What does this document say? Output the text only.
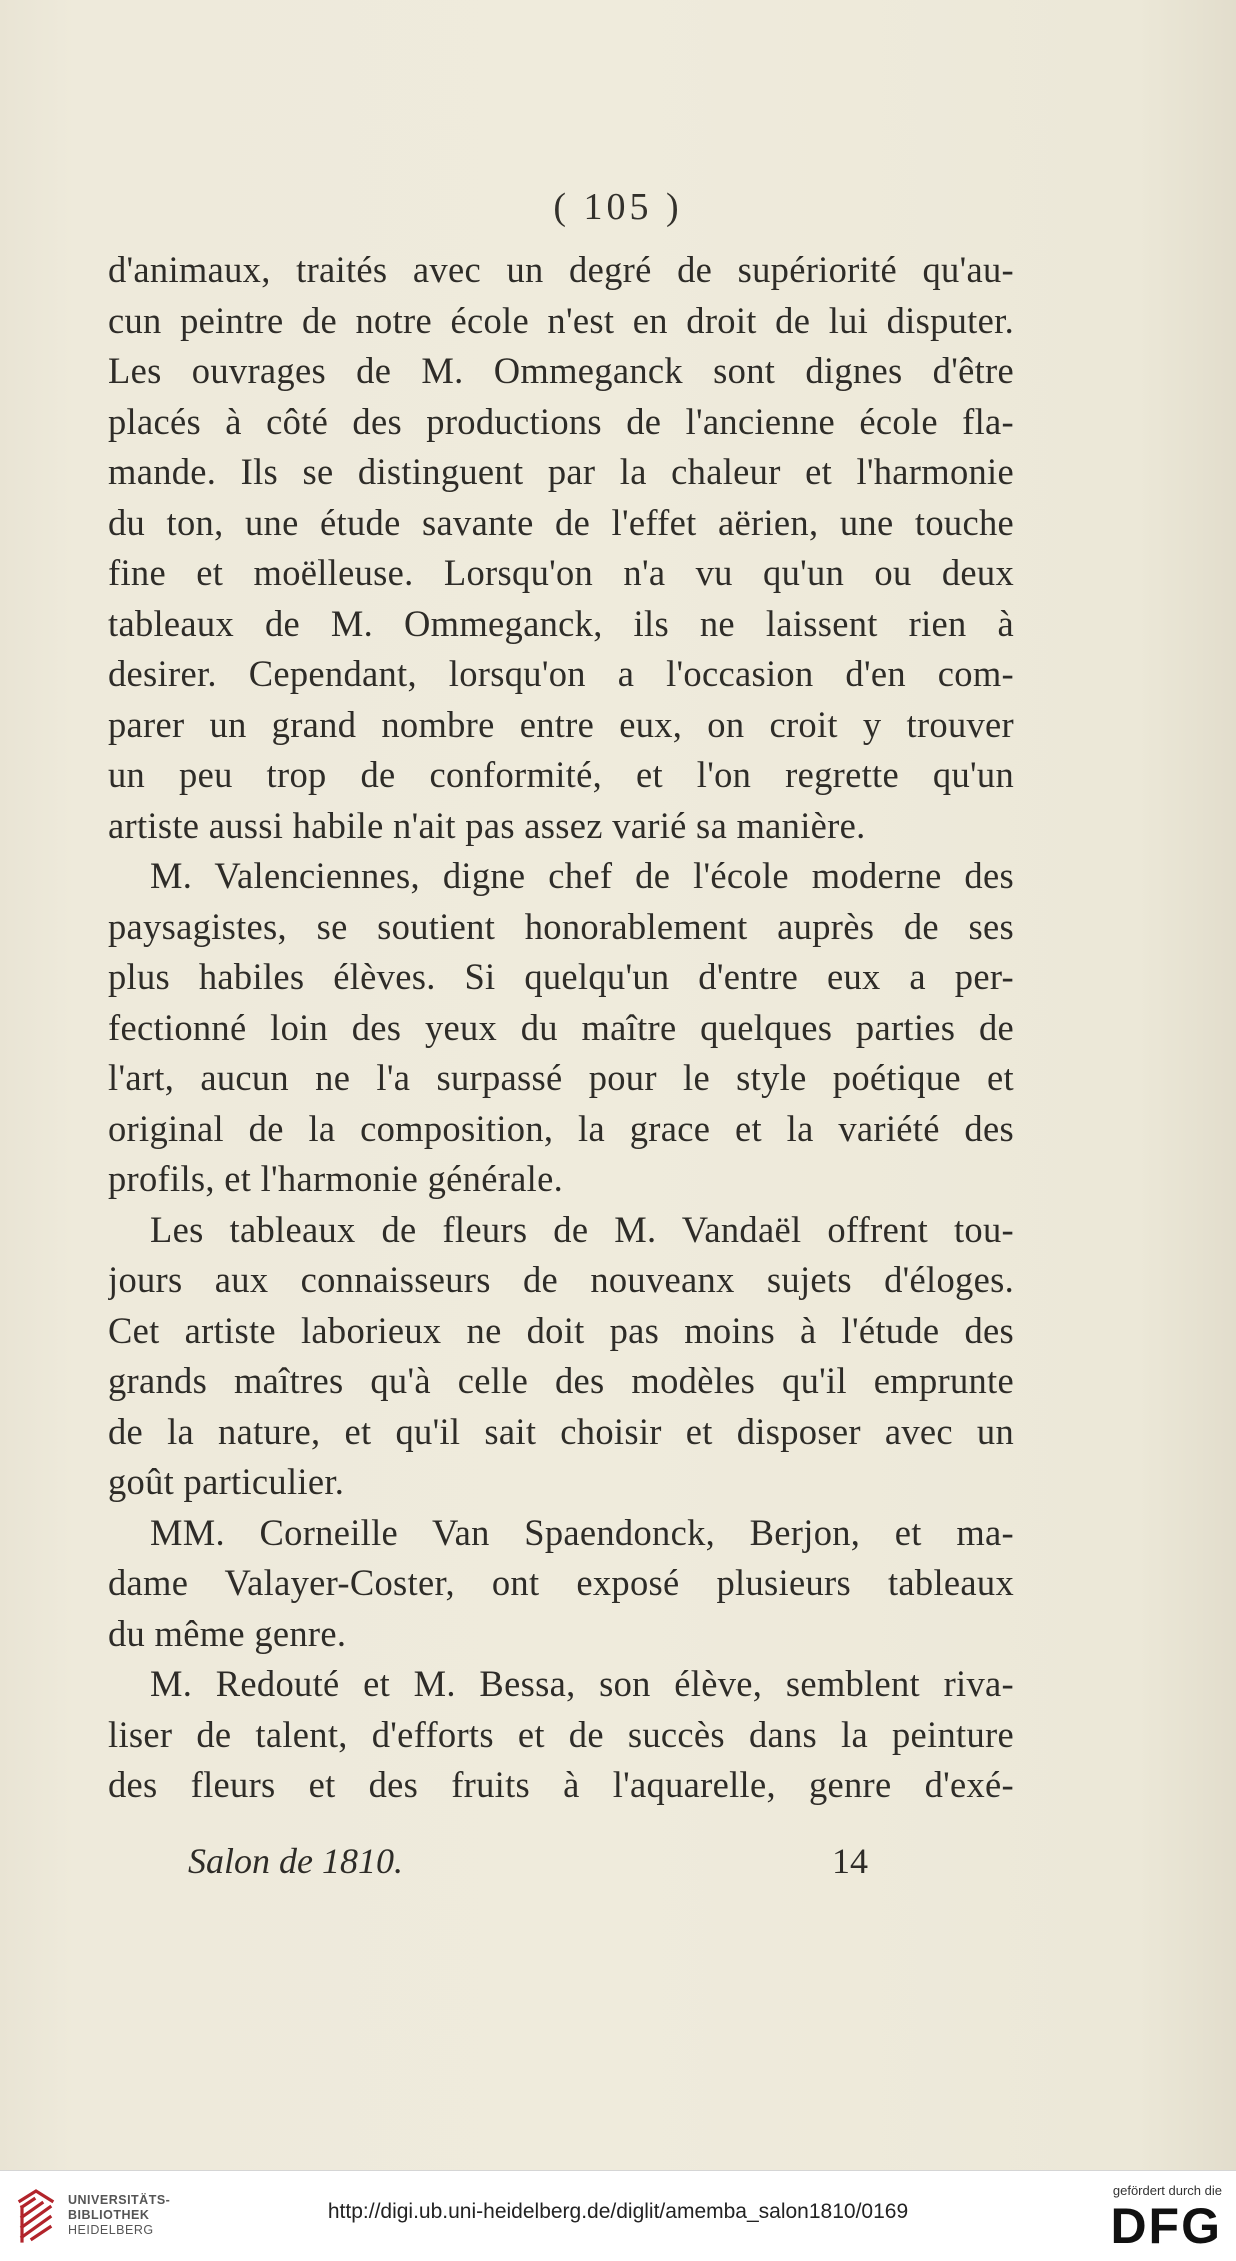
( 105 )
d'animaux, traités avec un degré de supériorité qu'au-
cun peintre de notre école n'est en droit de lui disputer.
Les ouvrages de M. Ommeganck sont dignes d'être
placés à côté des productions de l'ancienne école fla-
mande. Ils se distinguent par la chaleur et l'harmonie
du ton, une étude savante de l'effet aërien, une touche
fine et moëlleuse. Lorsqu'on n'a vu qu'un ou deux
tableaux de M. Ommeganck, ils ne laissent rien à
desirer. Cependant, lorsqu'on a l'occasion d'en com-
parer un grand nombre entre eux, on croit y trouver
un peu trop de conformité, et l'on regrette qu'un
artiste aussi habile n'ait pas assez varié sa manière.
M. Valenciennes, digne chef de l'école moderne des
paysagistes, se soutient honorablement auprès de ses
plus habiles élèves. Si quelqu'un d'entre eux a per-
fectionné loin des yeux du maître quelques parties de
l'art, aucun ne l'a surpassé pour le style poétique et
original de la composition, la grace et la variété des
profils, et l'harmonie générale.
Les tableaux de fleurs de M. Vandaël offrent tou-
jours aux connaisseurs de nouveanx sujets d'éloges.
Cet artiste laborieux ne doit pas moins à l'étude des
grands maîtres qu'à celle des modèles qu'il emprunte
de la nature, et qu'il sait choisir et disposer avec un
goût particulier.
MM. Corneille Van Spaendonck, Berjon, et ma-
dame Valayer-Coster, ont exposé plusieurs tableaux
du même genre.
M. Redouté et M. Bessa, son élève, semblent riva-
liser de talent, d'efforts et de succès dans la peinture
des fleurs et des fruits à l'aquarelle, genre d'exé-
Salon de 1810.	14
UNIVERSITÄTS-
BIBLIOTHEK
HEIDELBERG
http://digi.ub.uni-heidelberg.de/diglit/amemba_salon1810/0169
gefördert durch die
DFG
